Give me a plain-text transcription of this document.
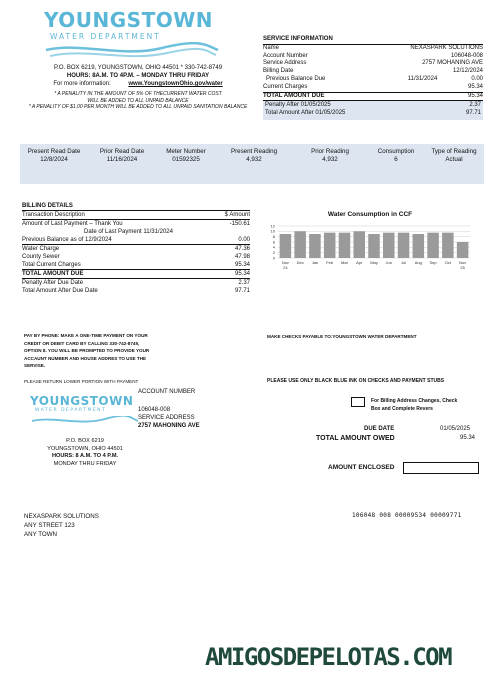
YOUNGSTOWN
WATER DEPARTMENT
P.O. BOX 6219, YOUNGSTOWN, OHIO 44501 * 330-742-8749
HOURS: 8A.M. TO 4P.M. – MONDAY THRU FRIDAY
For more information:	www.YoungstownOhio.gov/water
* A PENALITY IN THE AMOUNT OF 5% OF THECURRENT WATER COST
WILL BE ADDED TO ALL UNPAID BALANCE
* A PENALITY OF $1.00 PER MONTH WILL BE ADDED TO ALL UNPAID SANITATION BALANCE
SERVICE INFORMATION
Name	NEXASPARK SOLUTIONS
Account Number	106048-008
Service Address	2757 MOHANING AVE
Billing Date	12/12/2024
Previous Balance Due	11/31/2024	0.00
Current Charges	95.34
TOTAL AMOUNT DUE	95.34
Penalty After 01/05/2025	2.37
Total Amount After 01/05/2025	97.71
Present Read Date	Prior Read Date	Meter Number	Present Reading	Prior Reading	Consumption	Type of Reading
12/8/2024	11/16/2024	01592325	4,932	4,932	6	Actual
BILLING DETAILS
Transaction Description	$ Amount
Amount of Last Payment – Thank You	-150.61
Date of Last Payment 11/31/2024
Previous Balance as of 12/9/2024	0.00
Water Charge	47.36
County Sewer	47.98
Total Current Charges	95.34
TOTAL AMOUNT DUE	95.34
Penalty After Due Date	2.37
Total Amount After Due Date	97.71
Water Consumption in CCF
0
2
4
6
8
10
12
Nov 24
Dec Jan Feb Mar Apr May Jun Jul Aug Sep Oct Nov 25
PAY BY PHONE: MAKE A ONE-TIME PAYMENT ON YOUR
CREDIT OR DEBIT CARD BY CALLING 330-742-8749,
OPTION 8. YOU WILL BE PROMPTED TO PROVIDE YOUR
ACCAUNT NUMBER AND HOUSE ADDRES TO USE THE
SERVISE.
MAKE CHECKS PAYABLE TO:YOUNGSTOWN WATER DEPARTMENT
PLEASE RETURN LOWER PORTION WITH PAYMENT	PLEASE USE ONLY BLACK BLUE INK ON CHECKS AND PAYMENT STUBS
YOUNGSTOWN
WATER DEPARTMENT
ACCOUNT NUMBER
106048-008
SERVICE ADDRESS
2757 MAHONING AVE
P.O. BOX 6219
YOUNGSTOWN, OHIO 44501
HOURS: 8 A.M. TO 4 P.M.
MONDAY THRU FRIDAY
For Billing Address Changes, Check
Box and Complete Revers
DUE DATE	01/05/2025
TOTAL AMOUNT OWED	95.34
AMOUNT ENCLOSED
NEXASPARK SOLUTIONS
ANY STREET 123
ANY TOWN
106048 008 00009534 00009771
AMIGOSDEPELOTAS.COM
